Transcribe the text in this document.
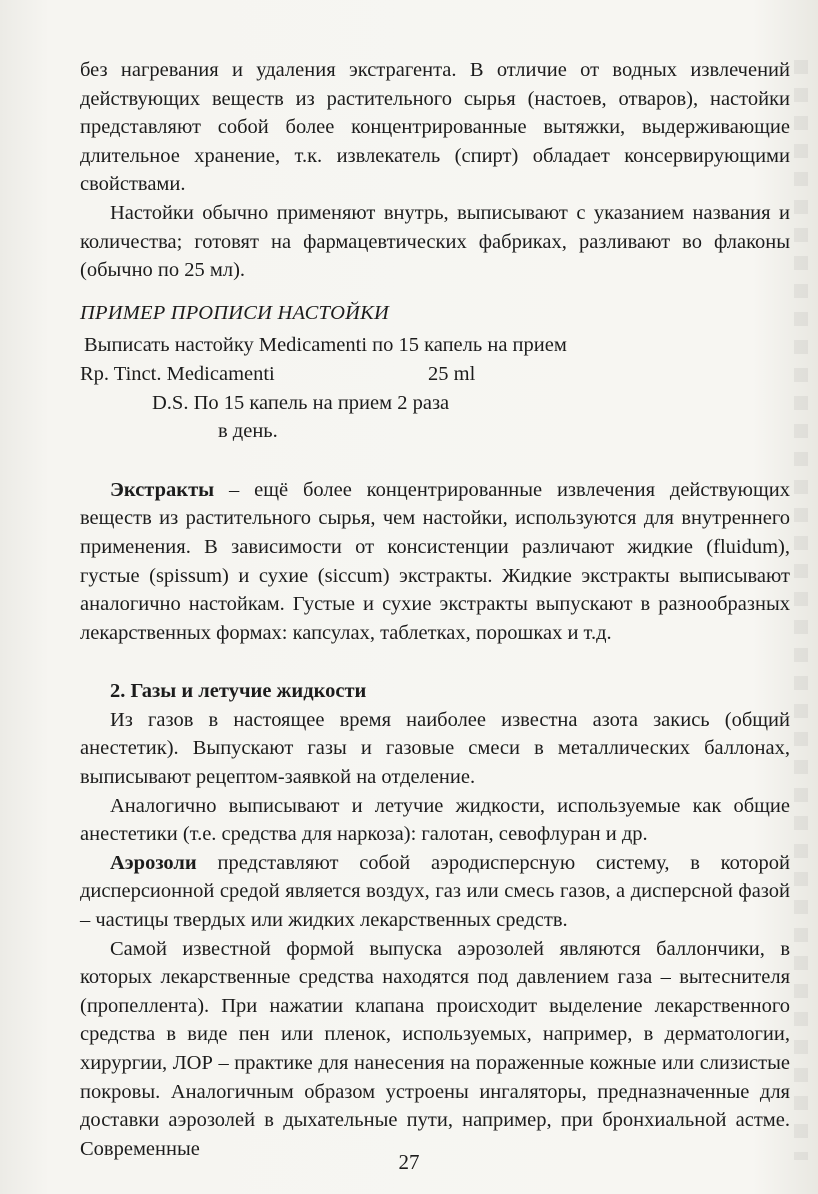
без нагревания и удаления экстрагента. В отличие от водных извлечений действующих веществ из растительного сырья (настоев, отваров), настойки представляют собой более концентрированные вытяжки, выдерживающие длительное хранение, т.к. извлекатель (спирт) обладает консервирующими свойствами.

Настойки обычно применяют внутрь, выписывают с указанием названия и количества; готовят на фармацевтических фабриках, разливают во флаконы (обычно по 25 мл).

ПРИМЕР ПРОПИСИ НАСТОЙКИ

Выписать настойку Medicamenti по 15 капель на прием
Rp. Tinct. Medicamenti	25 ml
D.S. По 15 капель на прием 2 раза
в день.

Экстракты – ещё более концентрированные извлечения действующих веществ из растительного сырья, чем настойки, используются для внутреннего применения. В зависимости от консистенции различают жидкие (fluidum), густые (spissum) и сухие (siccum) экстракты. Жидкие экстракты выписывают аналогично настойкам. Густые и сухие экстракты выпускают в разнообразных лекарственных формах: капсулах, таблетках, порошках и т.д.

2. Газы и летучие жидкости

Из газов в настоящее время наиболее известна азота закись (общий анестетик). Выпускают газы и газовые смеси в металлических баллонах, выписывают рецептом-заявкой на отделение.

Аналогично выписывают и летучие жидкости, используемые как общие анестетики (т.е. средства для наркоза): галотан, севофлуран и др.

Аэрозоли представляют собой аэродисперсную систему, в которой дисперсионной средой является воздух, газ или смесь газов, а дисперсной фазой – частицы твердых или жидких лекарственных средств.

Самой известной формой выпуска аэрозолей являются баллончики, в которых лекарственные средства находятся под давлением газа – вытеснителя (пропеллента). При нажатии клапана происходит выделение лекарственного средства в виде пен или пленок, используемых, например, в дерматологии, хирургии, ЛОР – практике для нанесения на пораженные кожные или слизистые покровы. Аналогичным образом устроены ингаляторы, предназначенные для доставки аэрозолей в дыхательные пути, например, при бронхиальной астме. Современные

27
